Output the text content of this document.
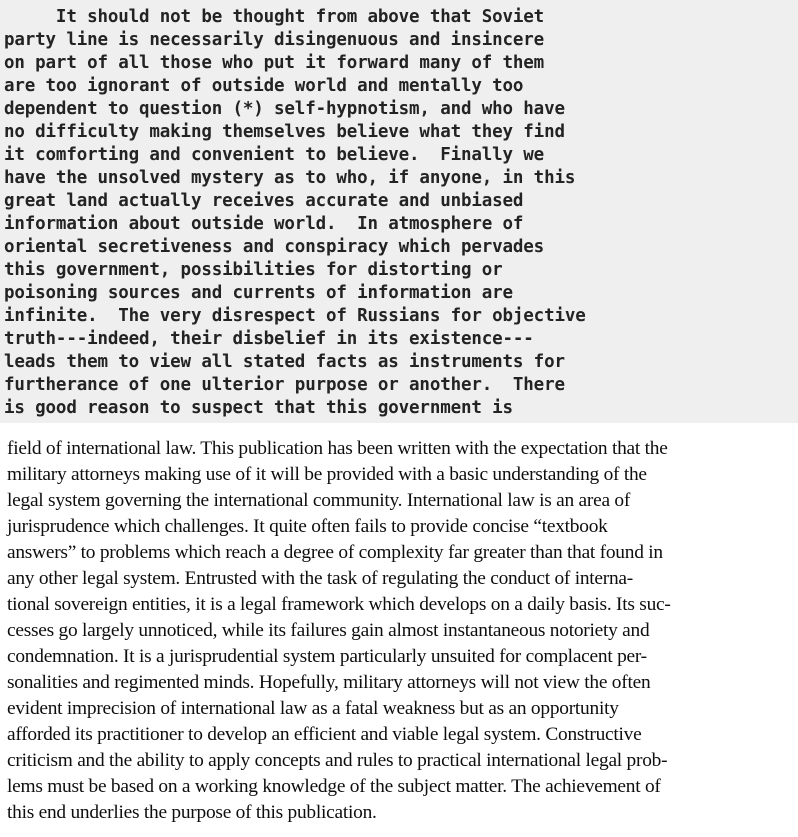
It should not be thought from above that Soviet
party line is necessarily disingenuous and insincere
on part of all those who put it forward many of them
are too ignorant of outside world and mentally too
dependent to question (*) self-hypnotism, and who have
no difficulty making themselves believe what they find
it comforting and convenient to believe.  Finally we
have the unsolved mystery as to who, if anyone, in this
great land actually receives accurate and unbiased
information about outside world.  In atmosphere of
oriental secretiveness and conspiracy which pervades
this government, possibilities for distorting or
poisoning sources and currents of information are
infinite.  The very disrespect of Russians for objective
truth---indeed, their disbelief in its existence---
leads them to view all stated facts as instruments for
furtherance of one ulterior purpose or another.  There
is good reason to suspect that this government is
field of international law. This publication has been written with the expectation that the
military attorneys making use of it will be provided with a basic understanding of the
legal system governing the international community. International law is an area of
jurisprudence which challenges. It quite often fails to provide concise “textbook
answers” to problems which reach a degree of complexity far greater than that found in
any other legal system. Entrusted with the task of regulating the conduct of interna-
tional sovereign entities, it is a legal framework which develops on a daily basis. Its suc-
cesses go largely unnoticed, while its failures gain almost instantaneous notoriety and
condemnation. It is a jurisprudential system particularly unsuited for complacent per-
sonalities and regimented minds. Hopefully, military attorneys will not view the often
evident imprecision of international law as a fatal weakness but as an opportunity
afforded its practitioner to develop an efficient and viable legal system. Constructive
criticism and the ability to apply concepts and rules to practical international legal prob-
lems must be based on a working knowledge of the subject matter. The achievement of
this end underlies the purpose of this publication.
